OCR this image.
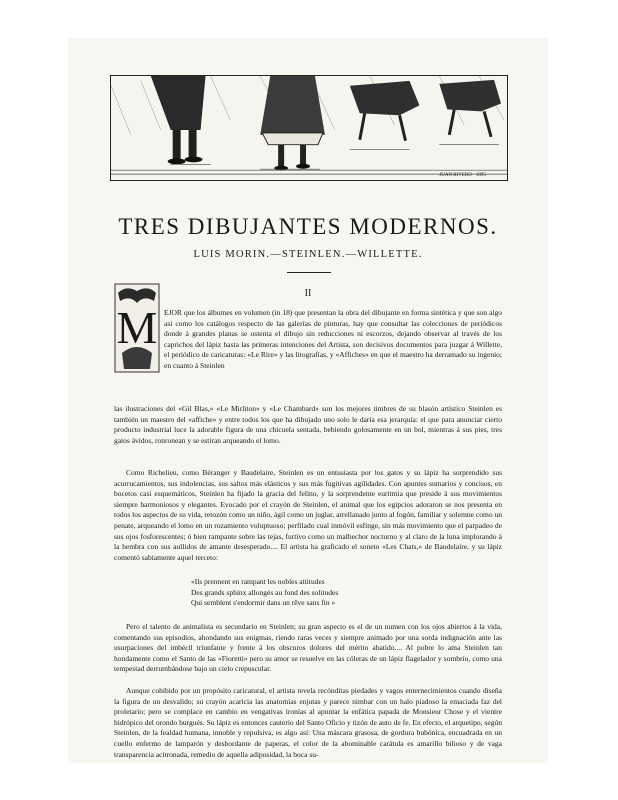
JUAN RIVERO · 1895
TRES DIBUJANTES MODERNOS.
LUIS MORIN.—STEINLEN.—WILLETTE.
II
M EJOR que los álbumes en volumen (in 18) que presentan la obra del dibujante en forma sintética y que son algo así como los catálogos respecto de las galerías de pinturas, hay que consultar las colecciones de periódicos donde á grandes planas se ostenta el dibujo sin reducciones ni escorzos, dejando observar al través de los caprichos del lápiz hasta las primeras intenciones del Artista, son decisivos documentos para juzgar á Willette, el periódico de caricaturas: «Le Rire» y las litografías, y «Affiches» en que el maestro ha derramado su ingenio; en cuanto á Steinlen

las ilustraciones del «Gil Blas,» «Le Mirliton» y «Le Chambard» son los mejores timbres de su blasón artístico Steinlen es también un maestro del «affiche» y entre todos los que ha dibujado uno solo le daría esa jerarquía: el que para anunciar cierto producto industrial luce la adorable figura de una chicuela sentada, bebiendo golosamente en un bol, mientras á sus pies, tres gatos ávidos, ronronean y se estiran arqueando el lomo.

Como Richelieu, como Béranger y Baudelaire, Steinlen es un entusiasta por los gatos y su lápiz ha sorprendido sus acurrucamientos, sus indolencias, sus saltos más elásticos y sus más fugitivas agilidades. Con apuntes sumarios y concisos, en bocetos casi esquemáticos, Steinlen ha fijado la gracia del felino, y la sorprendente euritmia que preside á sus movimientos siempre harmoniosos y elegantes. Evocado por el crayón de Steinlen, el animal que los egipcios adoraron se nos presenta en todos los aspectos de su vida, retozón como un niño, ágil como un juglar, arrellanado junto al fogón, familiar y solemne como un penate, arqueando el lomo en un rozamiento voluptuoso; perfilado cual inmóvil esfinge, sin más movimiento que el parpadeo de sus ojos fosforescentes; ó bien rampante sobre las tejas, furtivo como un malhechor nocturno y al claro de la luna implorando á la hembra con sus aullidos de amante desesperado.... El artista ha graficado el soneto «Les Chats,» de Baudelaire, y su lápiz comentó sabiamente aquel terceto:

«Ils prennent en rampant les nobles attitudes
Des grands sphinx allongés au fond des solitudes
Qui semblent s'endormir dans un rêve sans fin »

Pero el talento de animalista es secundario en Steinlen; su gran aspecto es el de un numen con los ojos abiertos á la vida, comentando sus episodios, ahondando sus enigmas, riendo raras veces y siempre animado por una sorda indignación ante las usurpaciones del imbécil triunfante y frente á los obscuros dolores del mérito abatido.... Al pobre lo ama Steinlen tan hondamente como el Santo de las «Fioretti» pero su amor se resuelve en las cóleras de un lápiz flagelador y sombrío, como una tempestad derrumbándose bajo un cielo crepuscular.

Aunque cohibido por un propósito caricatural, el artista revela recónditas piedades y vagos enternecimientos cuando diseña la figura de un desvalido; su crayón acaricia las anatomías enjutas y parece nimbar con un halo piadoso la emaciada faz del proletario; pero se complace en cambio en vengativas ironías al apuntar la enfática papada de Monsieur Chose y el vientre hidrópico del orondo burgués. Su lápiz es entonces cauterio del Santo Oficio y tizón de auto de fe. En efecto, el arquetipo, según Steinlen, de la fealdad humana, innoble y repulsiva, es algo así: Una máscara grasosa, de gordura bubónica, encuadrada en un cuello enfermo de lamparón y desbordante de paperas, el color de la abominable carátula es amarillo bilioso y de vaga transparencia acitronada, remedio de aquella adiposidad, la boca su-
